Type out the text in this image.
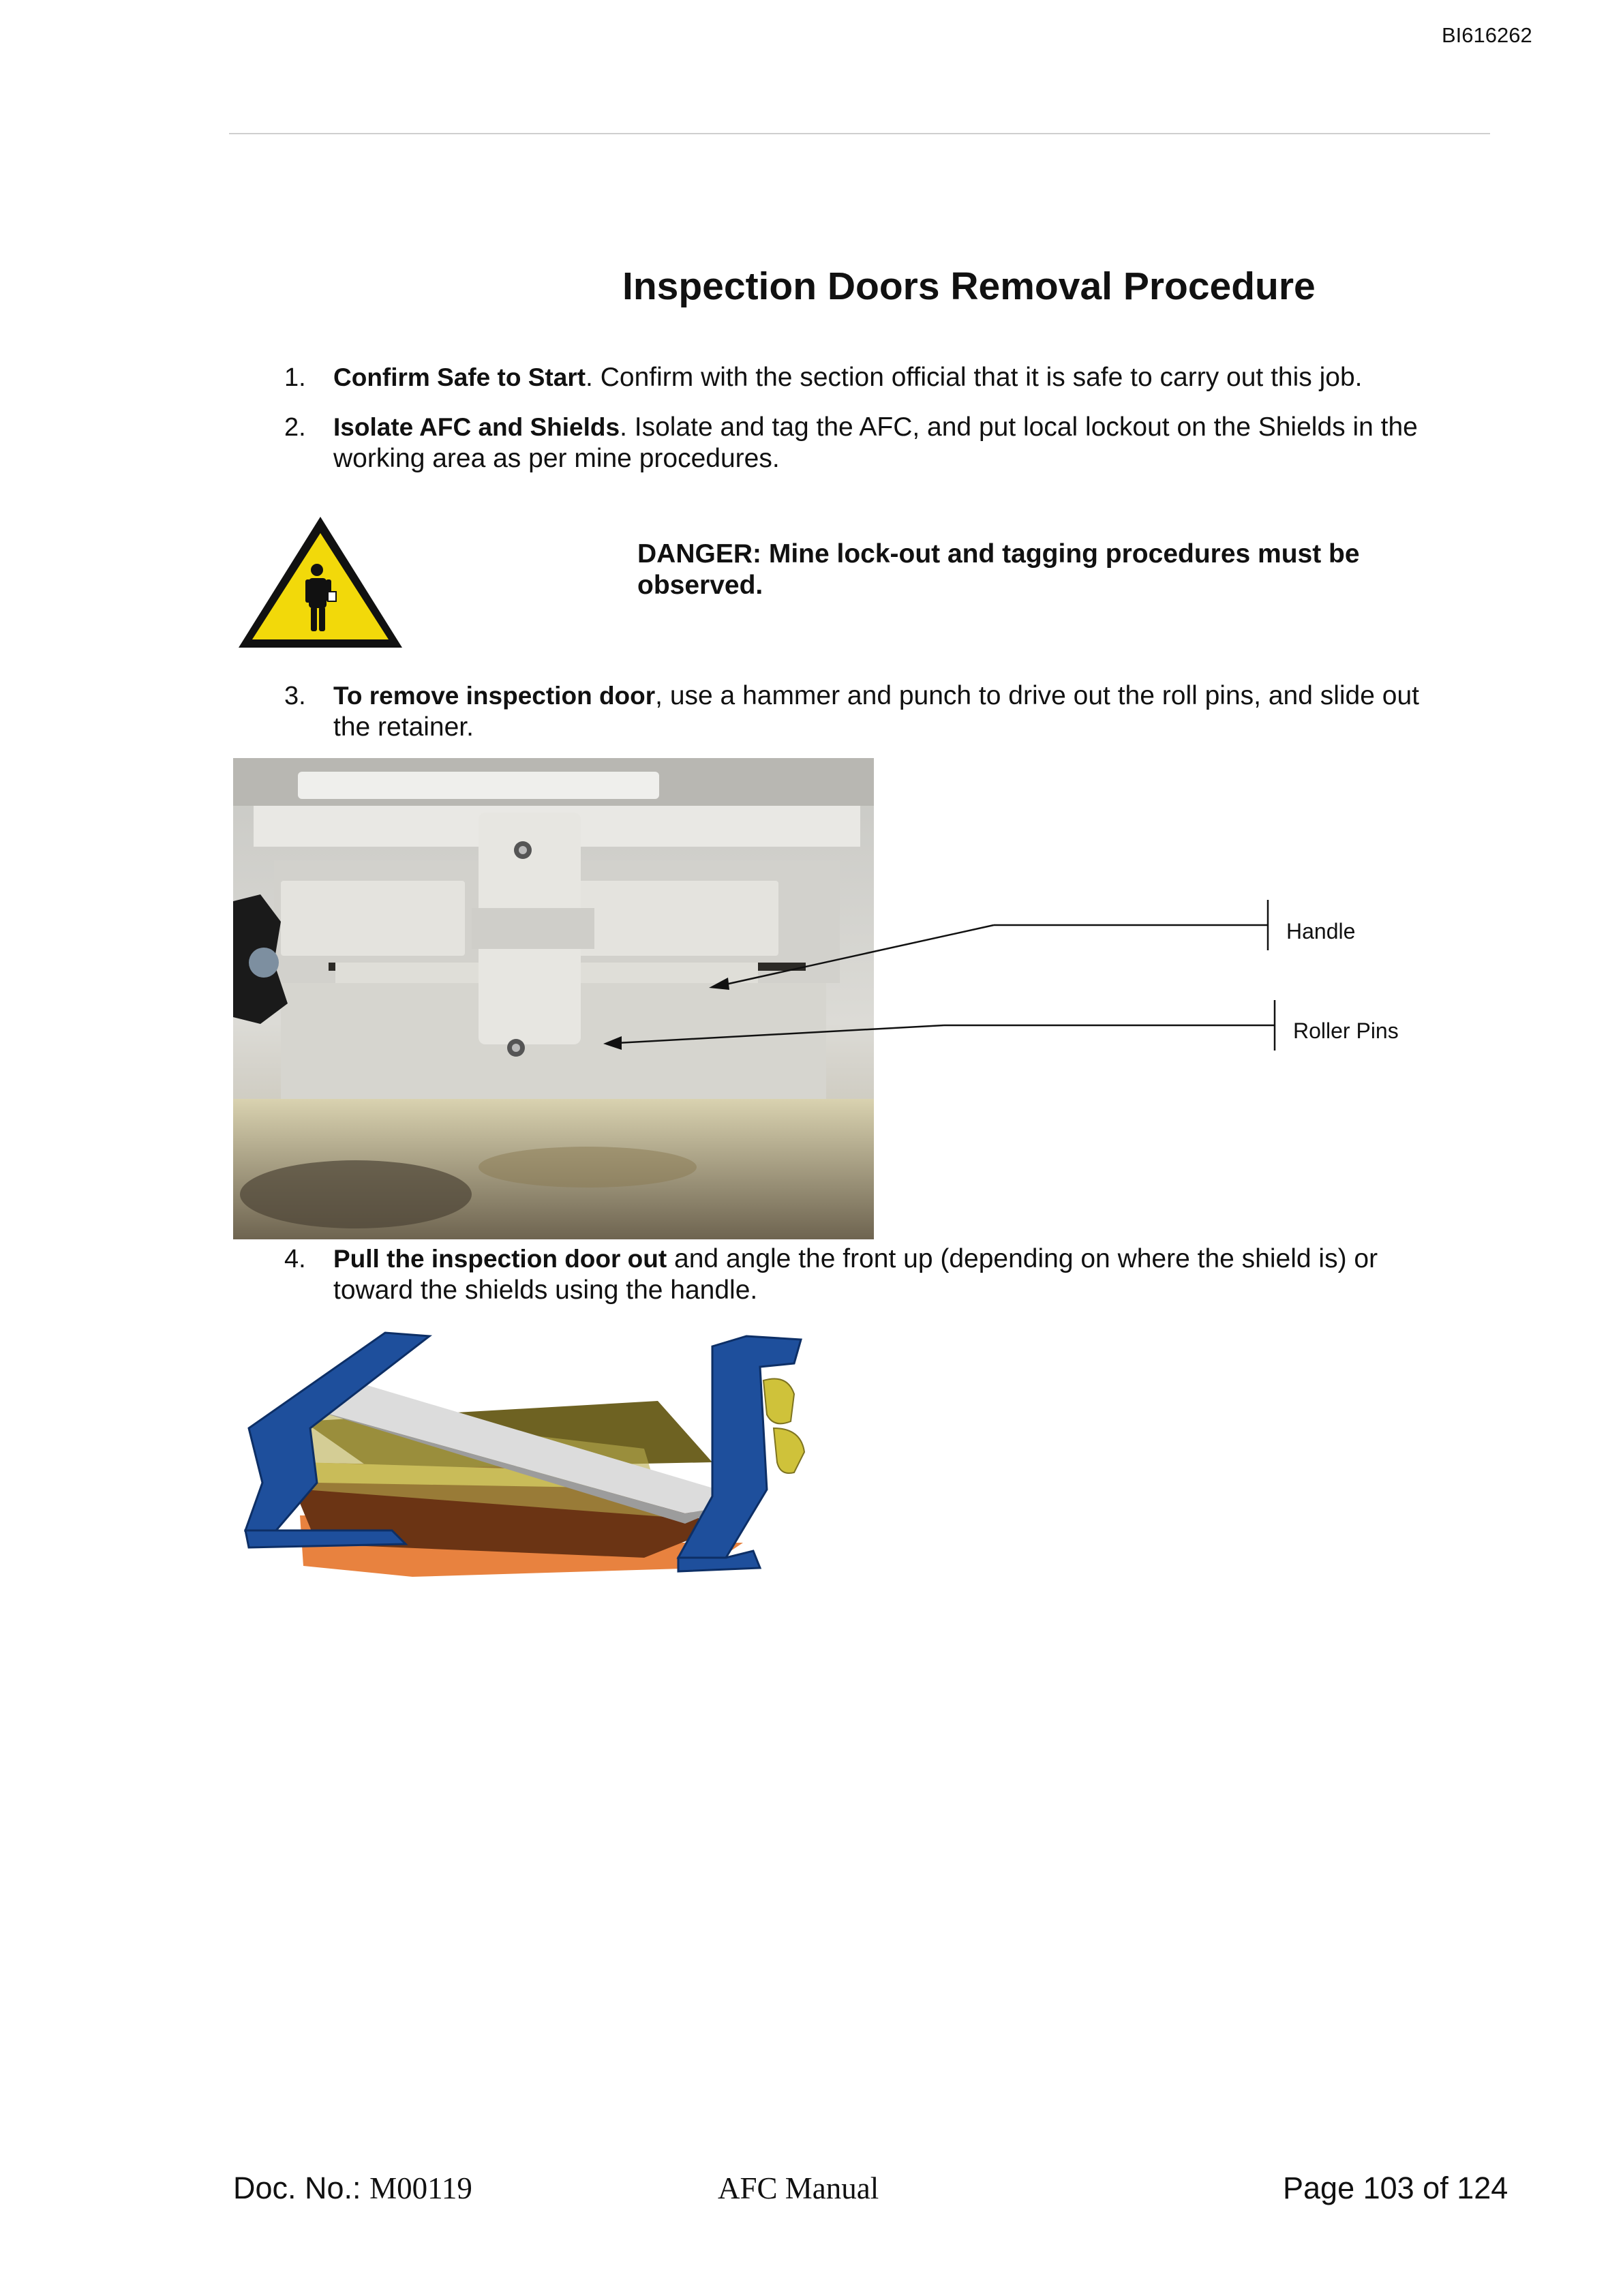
BI616262
Inspection Doors Removal Procedure
1. Confirm Safe to Start. Confirm with the section official that it is safe to carry out this job.
2. Isolate AFC and Shields. Isolate and tag the AFC, and put local lockout on the Shields in the
working area as per mine procedures.
DANGER: Mine lock-out and tagging procedures must be observed.
3. To remove inspection door, use a hammer and punch to drive out the roll pins, and slide out
the retainer.
Handle
Roller Pins
4. Pull the inspection door out and angle the front up (depending on where the shield is) or
toward the shields using the handle.
Doc. No.: M00119	AFC Manual	Page 103 of 124
